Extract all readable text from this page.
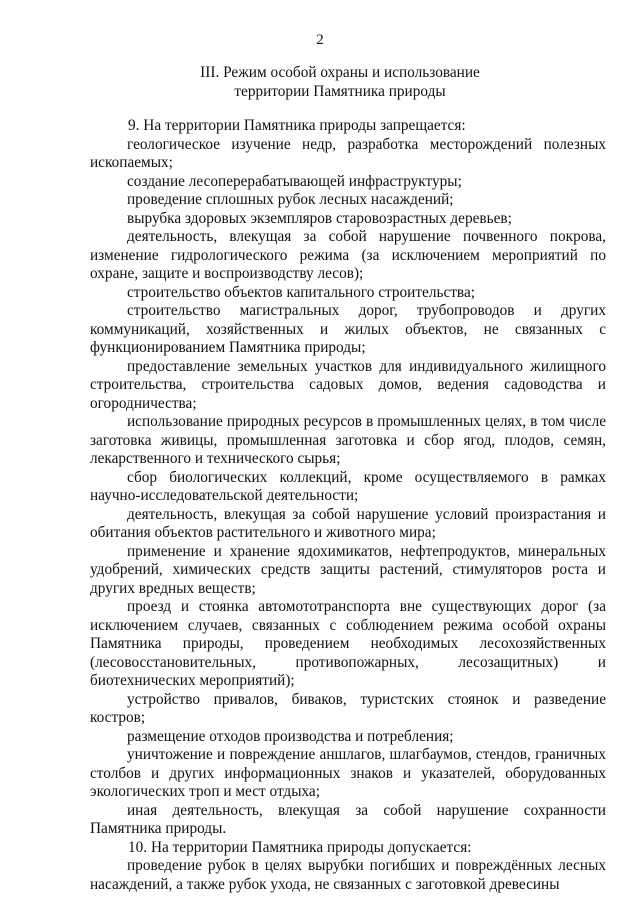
2
III. Режим особой охраны и использование
территории Памятника природы

9. На территории Памятника природы запрещается:

геологическое изучение недр, разработка месторождений полезных ископаемых;

создание лесоперерабатывающей инфраструктуры;

проведение сплошных рубок лесных насаждений;

вырубка здоровых экземпляров старовозрастных деревьев;

деятельность, влекущая за собой нарушение почвенного покрова, изменение гидрологического режима (за исключением мероприятий по охране, защите и воспроизводству лесов);

строительство объектов капитального строительства;

строительство магистральных дорог, трубопроводов и других коммуникаций, хозяйственных и жилых объектов, не связанных с функционированием Памятника природы;

предоставление земельных участков для индивидуального жилищного строительства, строительства садовых домов, ведения садоводства и огородничества;

использование природных ресурсов в промышленных целях, в том числе заготовка живицы, промышленная заготовка и сбор ягод, плодов, семян, лекарственного и технического сырья;

сбор биологических коллекций, кроме осуществляемого в рамках научно-исследовательской деятельности;

деятельность, влекущая за собой нарушение условий произрастания и обитания объектов растительного и животного мира;

применение и хранение ядохимикатов, нефтепродуктов, минеральных удобрений, химических средств защиты растений, стимуляторов роста и других вредных веществ;

проезд и стоянка автомототранспорта вне существующих дорог (за исключением случаев, связанных с соблюдением режима особой охраны Памятника природы, проведением необходимых лесохозяйственных (лесовосстановительных, противопожарных, лесозащитных) и биотехнических мероприятий);

устройство привалов, биваков, туристских стоянок и разведение костров;

размещение отходов производства и потребления;

уничтожение и повреждение аншлагов, шлагбаумов, стендов, граничных столбов и других информационных знаков и указателей, оборудованных экологических троп и мест отдыха;

иная деятельность, влекущая за собой нарушение сохранности Памятника природы.

10. На территории Памятника природы допускается:

проведение рубок в целях вырубки погибших и повреждённых лесных насаждений, а также рубок ухода, не связанных с заготовкой древесины
